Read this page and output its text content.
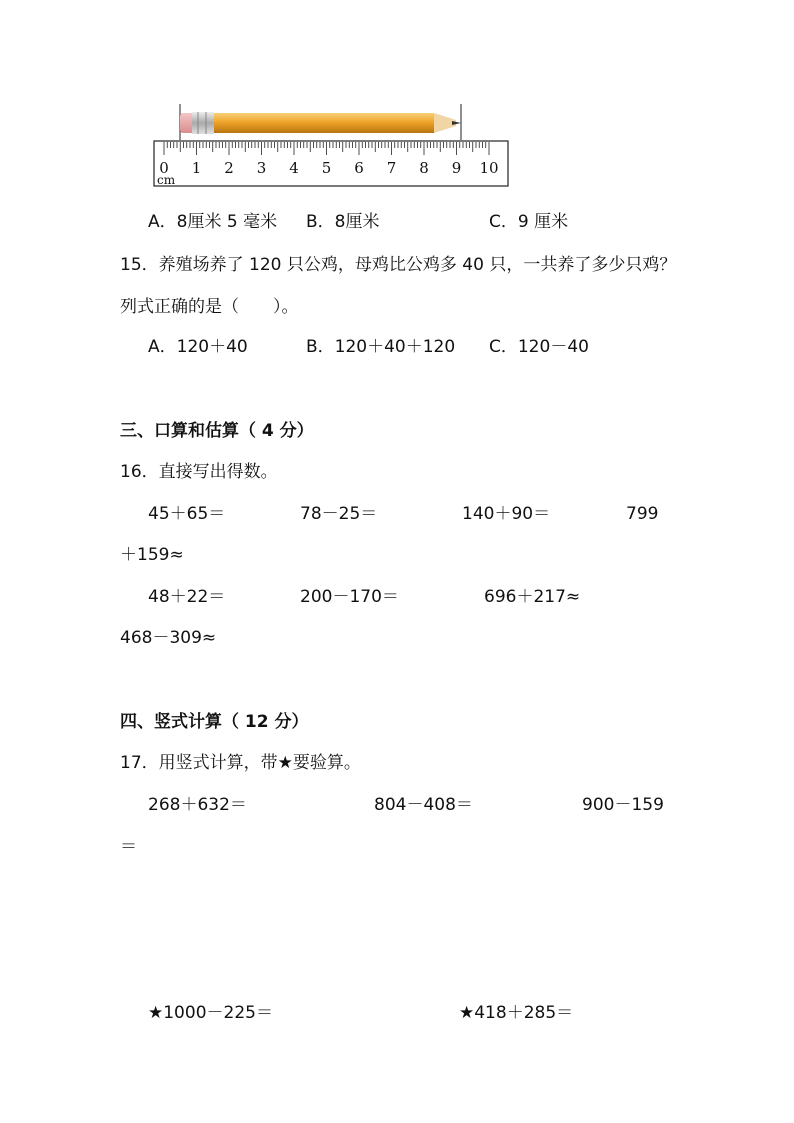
0 1 2 3 4 5 6 7 8 9 10
cm
A．8厘米 5 毫米 B．8厘米	C．9 厘米
15．养殖场养了 120 只公鸡，母鸡比公鸡多 40 只，一共养了多少只鸡？
列式正确的是（　　）。
A．120＋40	B．120＋40＋120 C．120－40
三、口算和估算（ 4 分）
16．直接写出得数。
45＋65＝	78－25＝	140＋90＝	799
＋159≈
48＋22＝	200－170＝	696＋217≈
468－309≈
四、竖式计算（ 12 分）
17．用竖式计算，带★要验算。
268＋632＝	804－408＝	900－159
＝
★1000－225＝	★418＋285＝
